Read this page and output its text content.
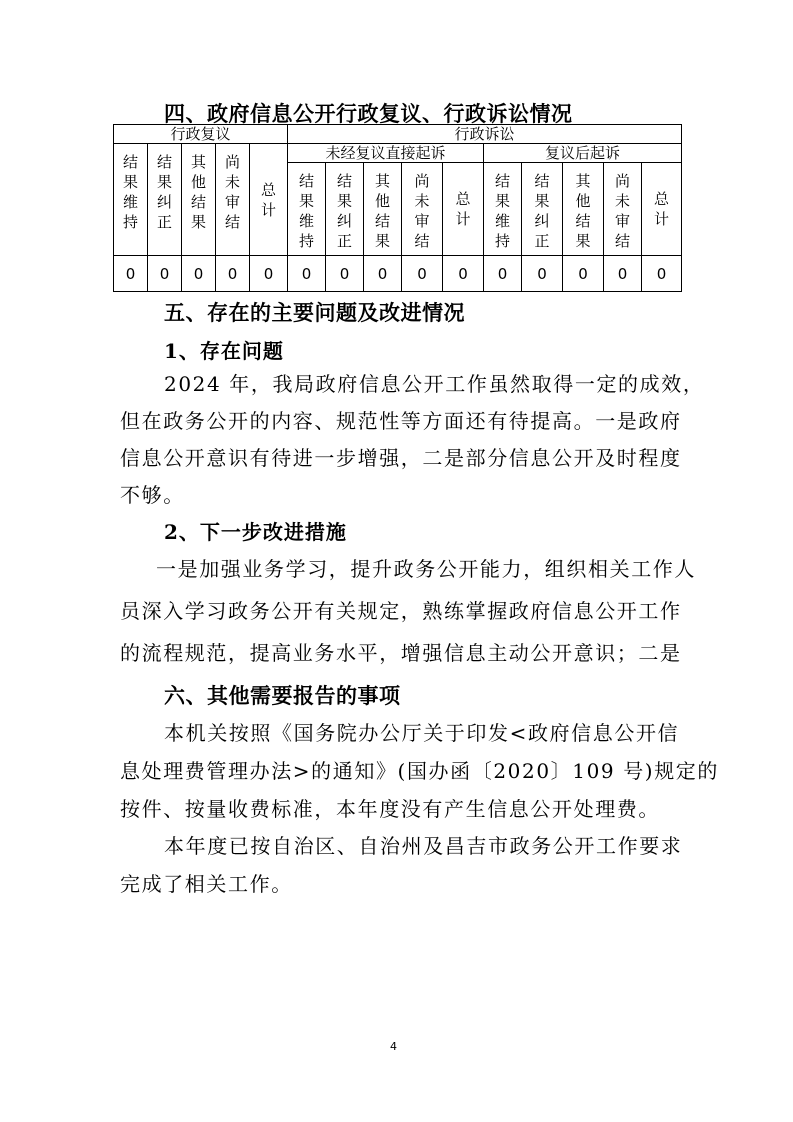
四、政府信息公开行政复议、行政诉讼情况
行政复议					行政诉讼									
结果维持	结果纠正	其他结果	尚未审结	总计	未经复议直接起诉					复议后起诉				
					结果维持	结果纠正	其他结果	尚未审结	总计	结果维持	结果纠正	其他结果	尚未审结	总计
0	0	0	0	0	0	0	0	0	0	0	0	0	0	0
五、存在的主要问题及改进情况
1、存在问题
2024 年，我局政府信息公开工作虽然取得一定的成效，
但在政务公开的内容、规范性等方面还有待提高。一是政府
信息公开意识有待进一步增强，二是部分信息公开及时程度
不够。
2、下一步改进措施
一是加强业务学习，提升政务公开能力，组织相关工作人
员深入学习政务公开有关规定，熟练掌握政府信息公开工作
的流程规范，提高业务水平，增强信息主动公开意识；二是
六、其他需要报告的事项
本机关按照《国务院办公厅关于印发<政府信息公开信
息处理费管理办法>的通知》(国办函〔2020〕109 号)规定的
按件、按量收费标准，本年度没有产生信息公开处理费。
本年度已按自治区、自治州及昌吉市政务公开工作要求
完成了相关工作。
4
